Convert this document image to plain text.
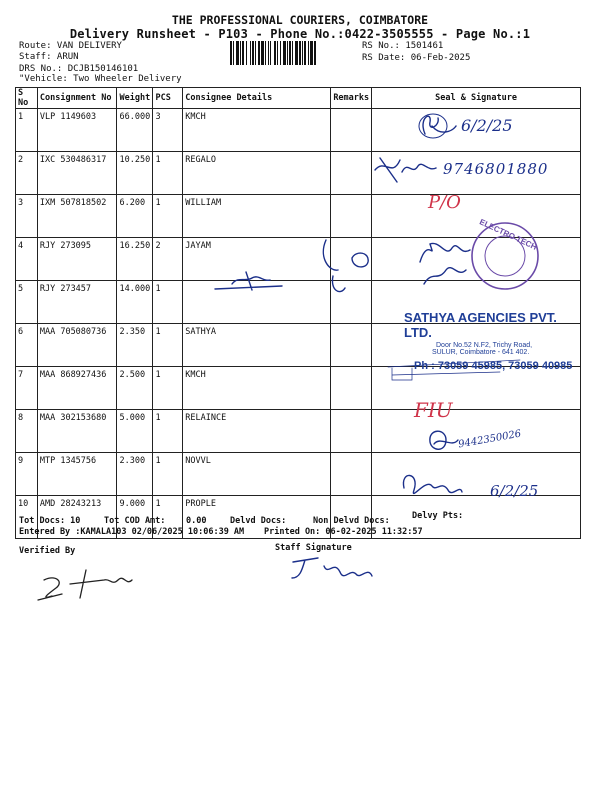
THE PROFESSIONAL COURIERS, COIMBATORE
Delivery Runsheet - P103 - Phone No.:0422-3505555 - Page No.:1
Route: VAN DELIVERY
Staff: ARUN
DRS No.: DCJB150146101
"Vehicle: Two Wheeler Delivery
RS No.: 1501461
RS Date: 06-Feb-2025
S No	Consignment No	Weight	PCS	Consignee Details	Remarks	Seal & Signature
1	VLP 1149603	66.000	3	KMCH		
2	IXC 530486317	10.250	1	REGALO		
3	IXM 507818502	6.200	1	WILLIAM		
4	RJY 273095	16.250	2	JAYAM		
5	RJY 273457	14.000	1			
6	MAA 705080736	2.350	1	SATHYA		
7	MAA 868927436	2.500	1	KMCH		
8	MAA 302153680	5.000	1	RELAINCE		
9	MTP 1345756	2.300	1	NOVVL		
10	AMD 28243213	9.000	1	PROPLE		
6/2/25
9746801880
P/O
9442350026
6/2/25
FIU
ELECTRO TECH
SATHYA AGENCIES PVT. LTD.
Door No.52 N.F2, Trichy Road,
SULUR, Coimbatore - 641 402.
Ph : 73059 45985, 73059 40985
Tot Docs: 10	Tot COD Amt: 0.00	Delvd Docs:	Non Delvd Docs:	Delvy Pts:
Entered By :KAMALA103 02/06/2025 10:06:39 AM Printed On: 06-02-2025 11:32:57
Verified By	Staff Signature
